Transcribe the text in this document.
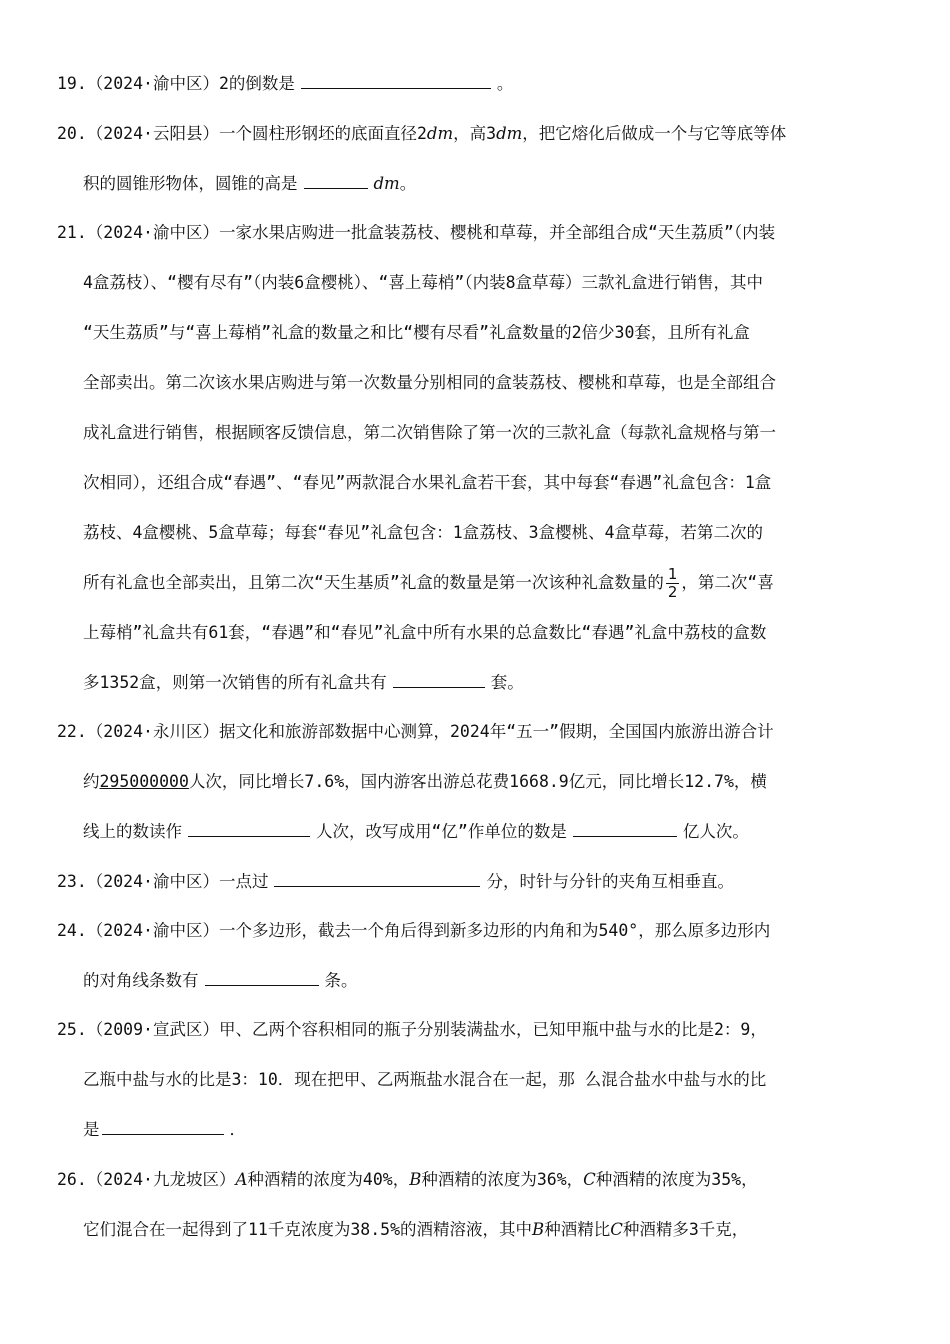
19.（2024·渝中区）2的倒数是	。
20.（2024·云阳县）一个圆柱形钢坯的底面直径2dm，高3dm，把它熔化后做成一个与它等底等体
积的圆锥形物体，圆锥的高是	dm。
21.（2024·渝中区）一家水果店购进一批盒装荔枝、樱桃和草莓，并全部组合成“天生荔质”（内装
4盒荔枝）、“樱有尽有”（内装6盒樱桃）、“喜上莓梢”（内装8盒草莓）三款礼盒进行销售，其中
“天生荔质”与“喜上莓梢”礼盒的数量之和比“樱有尽看”礼盒数量的2倍少30套，且所有礼盒
全部卖出。第二次该水果店购进与第一次数量分别相同的盒装荔枝、樱桃和草莓，也是全部组合
成礼盒进行销售，根据顾客反馈信息，第二次销售除了第一次的三款礼盒（每款礼盒规格与第一
次相同），还组合成“春遇”、“春见”两款混合水果礼盒若干套，其中每套“春遇”礼盒包含：1盒
荔枝、4盒樱桃、5盒草莓；每套“春见”礼盒包含：1盒荔枝、3盒樱桃、4盒草莓，若第二次的
所有礼盒也全部卖出，且第二次“天生基质”礼盒的数量是第一次该种礼盒数量的 $\frac{1}{2}$ ，第二次“喜
上莓梢”礼盒共有61套，“春遇”和“春见”礼盒中所有水果的总盒数比“春遇”礼盒中荔枝的盒数
多1352盒，则第一次销售的所有礼盒共有	套。
22.（2024·永川区）据文化和旅游部数据中心测算，2024年“五一”假期，全国国内旅游出游合计
约295000000人次，同比增长7.6%，国内游客出游总花费1668.9亿元，同比增长12.7%，横
线上的数读作	人次，改写成用“亿”作单位的数是	亿人次。
23.（2024·渝中区）一点过	分，时针与分针的夹角互相垂直。
24.（2024·渝中区）一个多边形，截去一个角后得到新多边形的内角和为540°，那么原多边形内
的对角线条数有	条。
25.（2009·宣武区）甲、乙两个容积相同的瓶子分别装满盐水，已知甲瓶中盐与水的比是2：9，
乙瓶中盐与水的比是3：10．现在把甲、乙两瓶盐水混合在一起，那 么混合盐水中盐与水的比
是	．
26.（2024·九龙坡区）A种酒精的浓度为40%，B种酒精的浓度为36%，C种酒精的浓度为35%，
它们混合在一起得到了11千克浓度为38.5%的酒精溶液，其中B种酒精比C种酒精多3千克，
